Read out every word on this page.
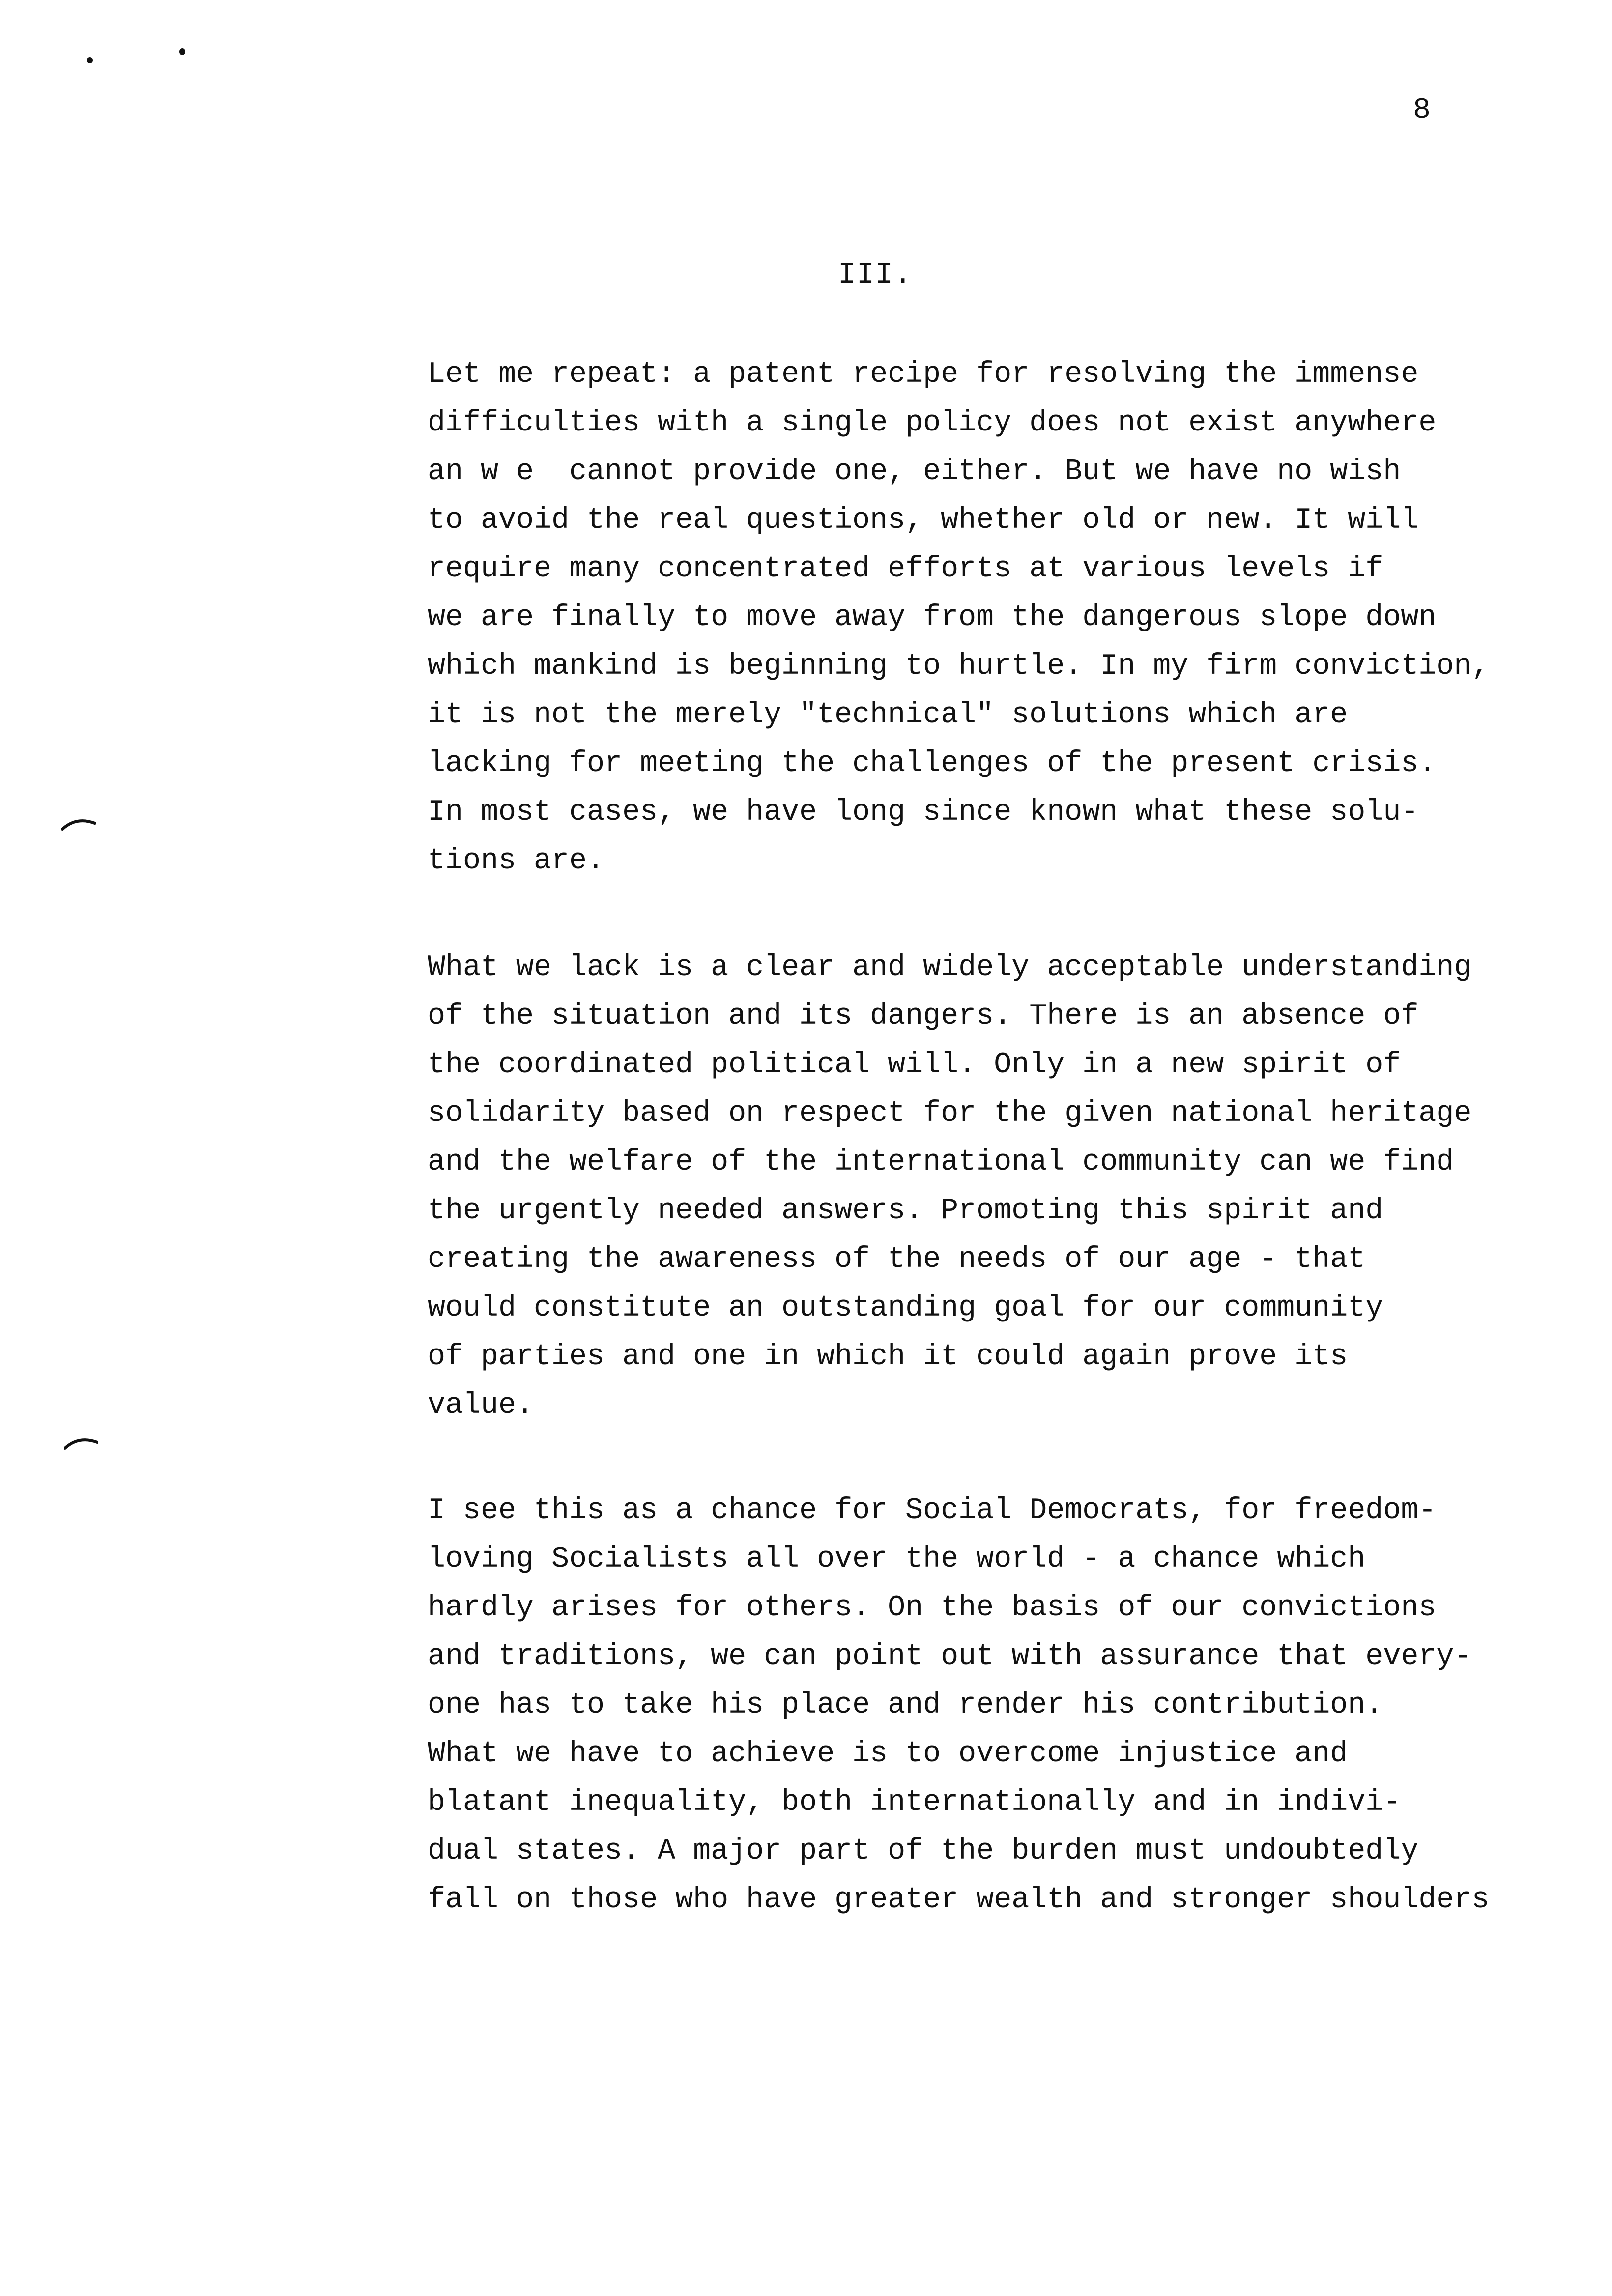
8
III.
Let me repeat: a patent recipe for resolving the immense
difficulties with a single policy does not exist anywhere
an w e  cannot provide one, either. But we have no wish
to avoid the real questions, whether old or new. It will
require many concentrated efforts at various levels if
we are finally to move away from the dangerous slope down
which mankind is beginning to hurtle. In my firm conviction,
it is not the merely "technical" solutions which are
lacking for meeting the challenges of the present crisis.
In most cases, we have long since known what these solu-
tions are.
What we lack is a clear and widely acceptable understanding
of the situation and its dangers. There is an absence of
the coordinated political will. Only in a new spirit of
solidarity based on respect for the given national heritage
and the welfare of the international community can we find
the urgently needed answers. Promoting this spirit and
creating the awareness of the needs of our age - that
would constitute an outstanding goal for our community
of parties and one in which it could again prove its
value.
I see this as a chance for Social Democrats, for freedom-
loving Socialists all over the world - a chance which
hardly arises for others. On the basis of our convictions
and traditions, we can point out with assurance that every-
one has to take his place and render his contribution.
What we have to achieve is to overcome injustice and
blatant inequality, both internationally and in indivi-
dual states. A major part of the burden must undoubtedly
fall on those who have greater wealth and stronger shoulders
